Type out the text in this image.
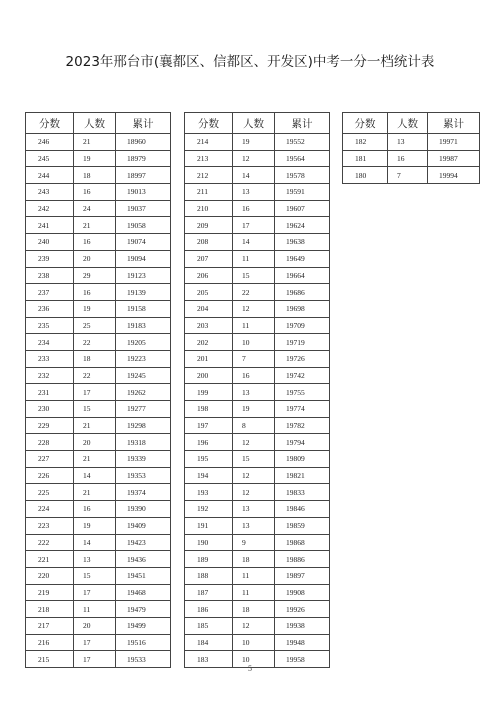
2023年邢台市(襄都区、信都区、开发区)中考一分一档统计表
分数	人数	累计
246	21	18960
245	19	18979
244	18	18997
243	16	19013
242	24	19037
241	21	19058
240	16	19074
239	20	19094
238	29	19123
237	16	19139
236	19	19158
235	25	19183
234	22	19205
233	18	19223
232	22	19245
231	17	19262
230	15	19277
229	21	19298
228	20	19318
227	21	19339
226	14	19353
225	21	19374
224	16	19390
223	19	19409
222	14	19423
221	13	19436
220	15	19451
219	17	19468
218	11	19479
217	20	19499
216	17	19516
215	17	19533
分数	人数	累计
214	19	19552
213	12	19564
212	14	19578
211	13	19591
210	16	19607
209	17	19624
208	14	19638
207	11	19649
206	15	19664
205	22	19686
204	12	19698
203	11	19709
202	10	19719
201	7	19726
200	16	19742
199	13	19755
198	19	19774
197	8	19782
196	12	19794
195	15	19809
194	12	19821
193	12	19833
192	13	19846
191	13	19859
190	9	19868
189	18	19886
188	11	19897
187	11	19908
186	18	19926
185	12	19938
184	10	19948
183	10	19958
分数	人数	累计
182	13	19971
181	16	19987
180	7	19994
5
